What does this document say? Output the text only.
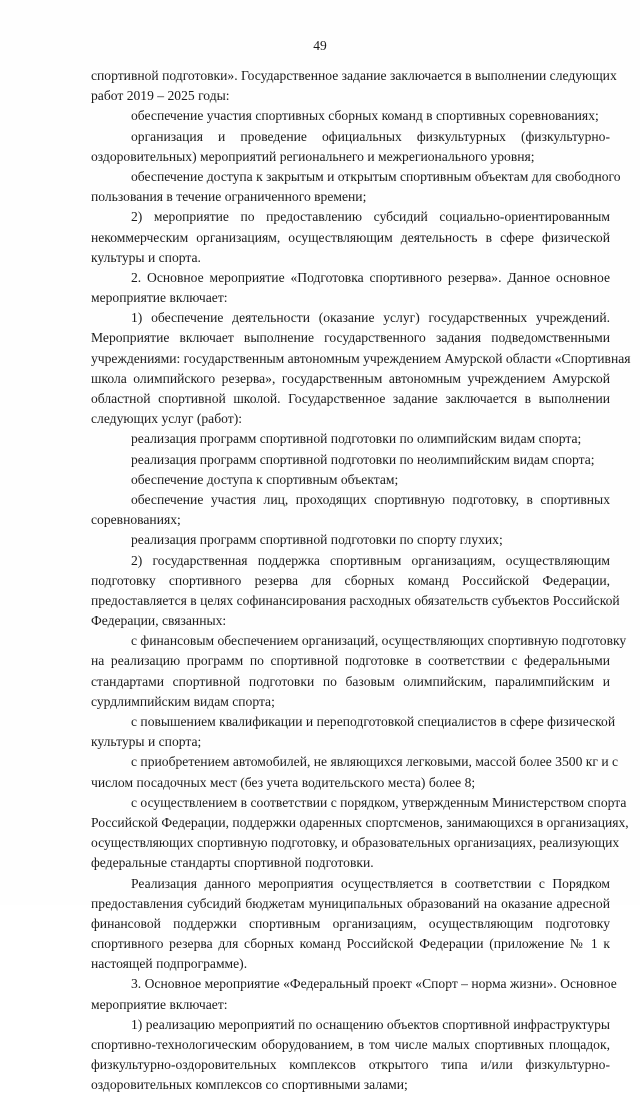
49
спортивной подготовки». Государственное задание заключается в выполнении следующих
работ 2019 – 2025 годы:
обеспечение участия спортивных сборных команд в спортивных соревнованиях;
организация и проведение официальных физкультурных (физкультурно-
оздоровительных) мероприятий региональнего и межрегионального уровня;
обеспечение доступа к закрытым и открытым спортивным объектам для свободного
пользования в течение ограниченного времени;
2) мероприятие по предоставлению субсидий социально-ориентированным
некоммерческим организациям, осуществляющим деятельность в сфере физической
культуры и спорта.
2. Основное мероприятие «Подготовка спортивного резерва». Данное основное
мероприятие включает:
1) обеспечение деятельности (оказание услуг) государственных учреждений.
Мероприятие включает выполнение государственного задания подведомственными
учреждениями: государственным автономным учреждением Амурской области «Спортивная
школа олимпийского резерва», государственным автономным учреждением Амурской
областной спортивной школой. Государственное задание заключается в выполнении
следующих услуг (работ):
реализация программ спортивной подготовки по олимпийским видам спорта;
реализация программ спортивной подготовки по неолимпийским видам спорта;
обеспечение доступа к спортивным объектам;
обеспечение участия лиц, проходящих спортивную подготовку, в спортивных
соревнованиях;
реализация программ спортивной подготовки по спорту глухих;
2) государственная поддержка спортивным организациям, осуществляющим
подготовку спортивного резерва для сборных команд Российской Федерации,
предоставляется в целях софинансирования расходных обязательств субъектов Российской
Федерации, связанных:
с финансовым обеспечением организаций, осуществляющих спортивную подготовку
на реализацию программ по спортивной подготовке в соответствии с федеральными
стандартами спортивной подготовки по базовым олимпийским, паралимпийским и
сурдлимпийским видам спорта;
с повышением квалификации и переподготовкой специалистов в сфере физической
культуры и спорта;
с приобретением автомобилей, не являющихся легковыми, массой более 3500 кг и с
числом посадочных мест (без учета водительского места) более 8;
с осуществлением в соответствии с порядком, утвержденным Министерством спорта
Российской Федерации, поддержки одаренных спортсменов, занимающихся в организациях,
осуществляющих спортивную подготовку, и образовательных организациях, реализующих
федеральные стандарты спортивной подготовки.
Реализация данного мероприятия осуществляется в соответствии с Порядком
предоставления субсидий бюджетам муниципальных образований на оказание адресной
финансовой поддержки спортивным организациям, осуществляющим подготовку
спортивного резерва для сборных команд Российской Федерации (приложение № 1 к
настоящей подпрограмме).
3. Основное мероприятие «Федеральный проект «Спорт – норма жизни». Основное
мероприятие включает:
1) реализацию мероприятий по оснащению объектов спортивной инфраструктуры
спортивно-технологическим оборудованием, в том числе малых спортивных площадок,
физкультурно-оздоровительных комплексов открытого типа и/или физкультурно-
оздоровительных комплексов со спортивными залами;
